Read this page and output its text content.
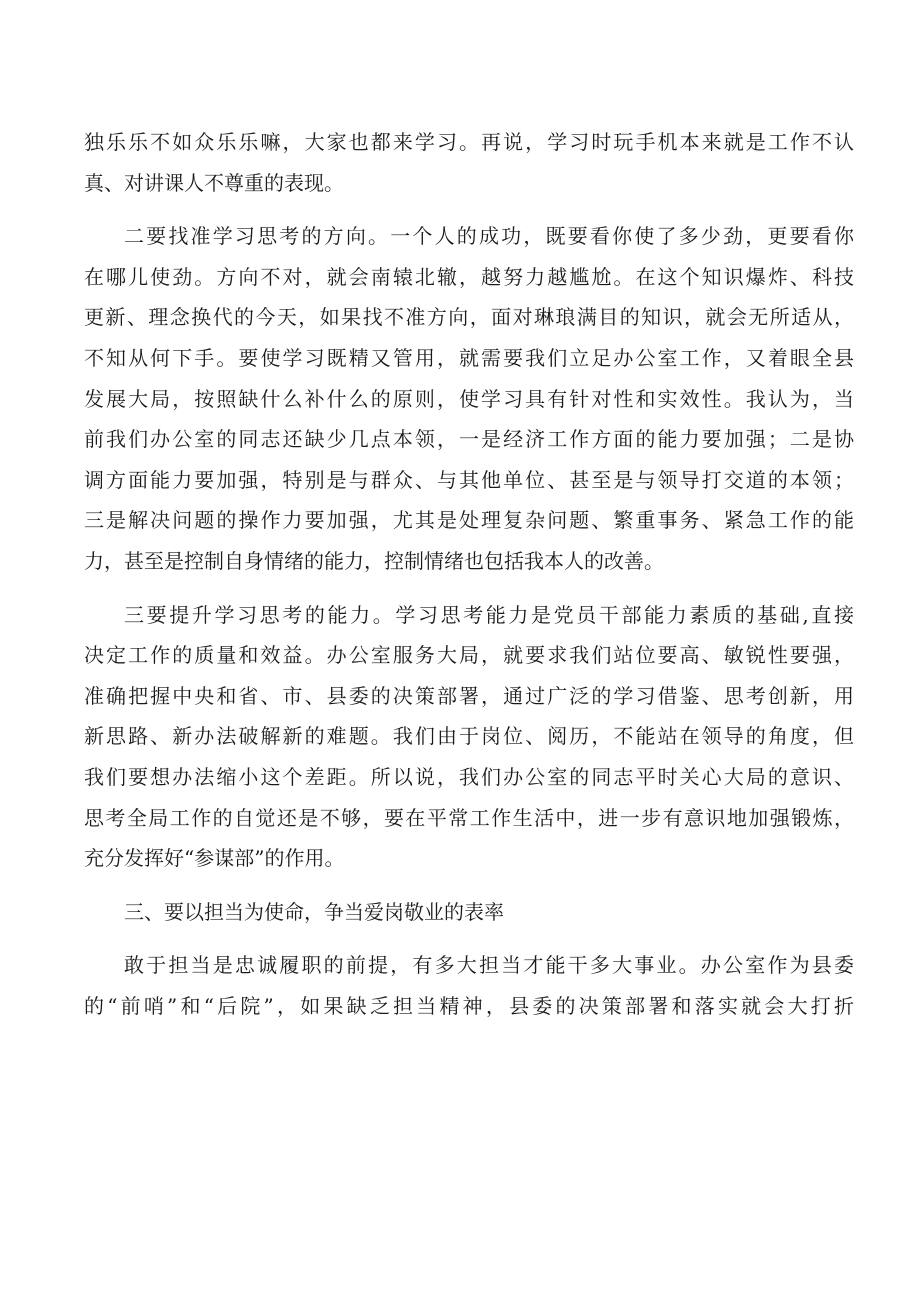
独乐乐不如众乐乐嘛，大家也都来学习。再说，学习时玩手机本来就是工作不认
真、对讲课人不尊重的表现。

二要找准学习思考的方向。一个人的成功，既要看你使了多少劲，更要看你
在哪儿使劲。方向不对，就会南辕北辙，越努力越尴尬。在这个知识爆炸、科技
更新、理念换代的今天，如果找不准方向，面对琳琅满目的知识，就会无所适从，
不知从何下手。要使学习既精又管用，就需要我们立足办公室工作，又着眼全县
发展大局，按照缺什么补什么的原则，使学习具有针对性和实效性。我认为，当
前我们办公室的同志还缺少几点本领，一是经济工作方面的能力要加强；二是协
调方面能力要加强，特别是与群众、与其他单位、甚至是与领导打交道的本领；
三是解决问题的操作力要加强，尤其是处理复杂问题、繁重事务、紧急工作的能
力，甚至是控制自身情绪的能力，控制情绪也包括我本人的改善。

三要提升学习思考的能力。学习思考能力是党员干部能力素质的基础,直接
决定工作的质量和效益。办公室服务大局，就要求我们站位要高、敏锐性要强，
准确把握中央和省、市、县委的决策部署，通过广泛的学习借鉴、思考创新，用
新思路、新办法破解新的难题。我们由于岗位、阅历，不能站在领导的角度，但
我们要想办法缩小这个差距。所以说，我们办公室的同志平时关心大局的意识、
思考全局工作的自觉还是不够，要在平常工作生活中，进一步有意识地加强锻炼，
充分发挥好“参谋部”的作用。

三、要以担当为使命，争当爱岗敬业的表率

敢于担当是忠诚履职的前提，有多大担当才能干多大事业。办公室作为县委
的“前哨”和“后院”，如果缺乏担当精神，县委的决策部署和落实就会大打折
